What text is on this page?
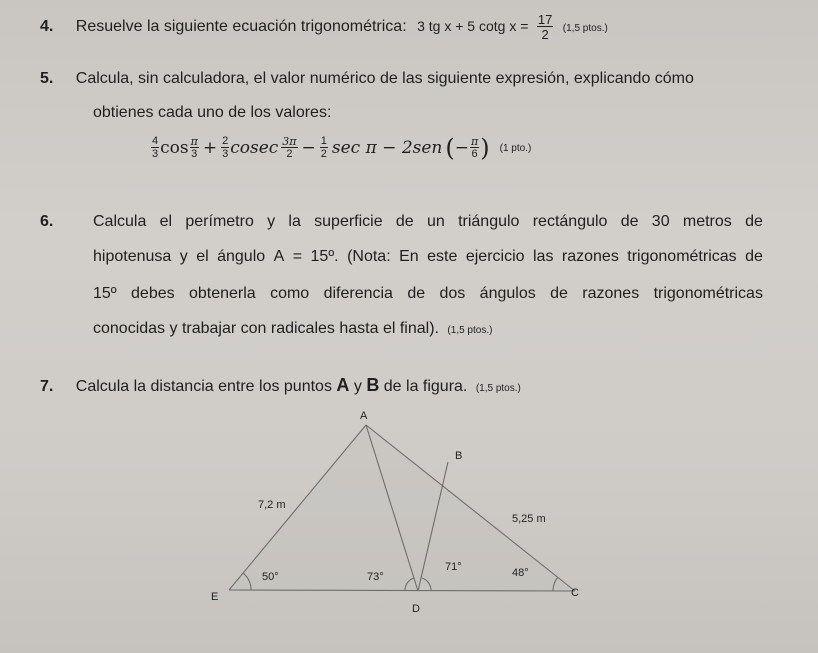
4. Resuelve la siguiente ecuación trigonométrica: 3 tg x + 5 cotg $x = \frac{17}{2} (1,5$ ptos.)
5. Calcula, sin calculadora, el valor numérico de las siguiente expresión, explicando cómo
obtienes cada uno de los valores:
$\frac{4}{3}$ $\cos \frac{\pi}{3} + \frac{2}{3}$ cosec $\frac{3\pi}{2} - \frac{1}{2}$ sec π − 2sen ( − $\frac{\pi}{6}$ ) (1 pto.)
6. Calcula el perímetro y la superficie de un triángulo rectángulo de 30 metros de
hipotenusa y el ángulo A = 15º. (Nota: En este ejercicio las razones trigonométricas de
15º debes obtenerla como diferencia de dos ángulos de razones trigonométricas
conocidas y trabajar con radicales hasta el final). (1,5 ptos.)
7. Calcula la distancia entre los puntos A y B de la figura. (1,5 ptos.)
A
B
C
D
E
7,2 m
5,25 m
50°	73°
71°	48°
